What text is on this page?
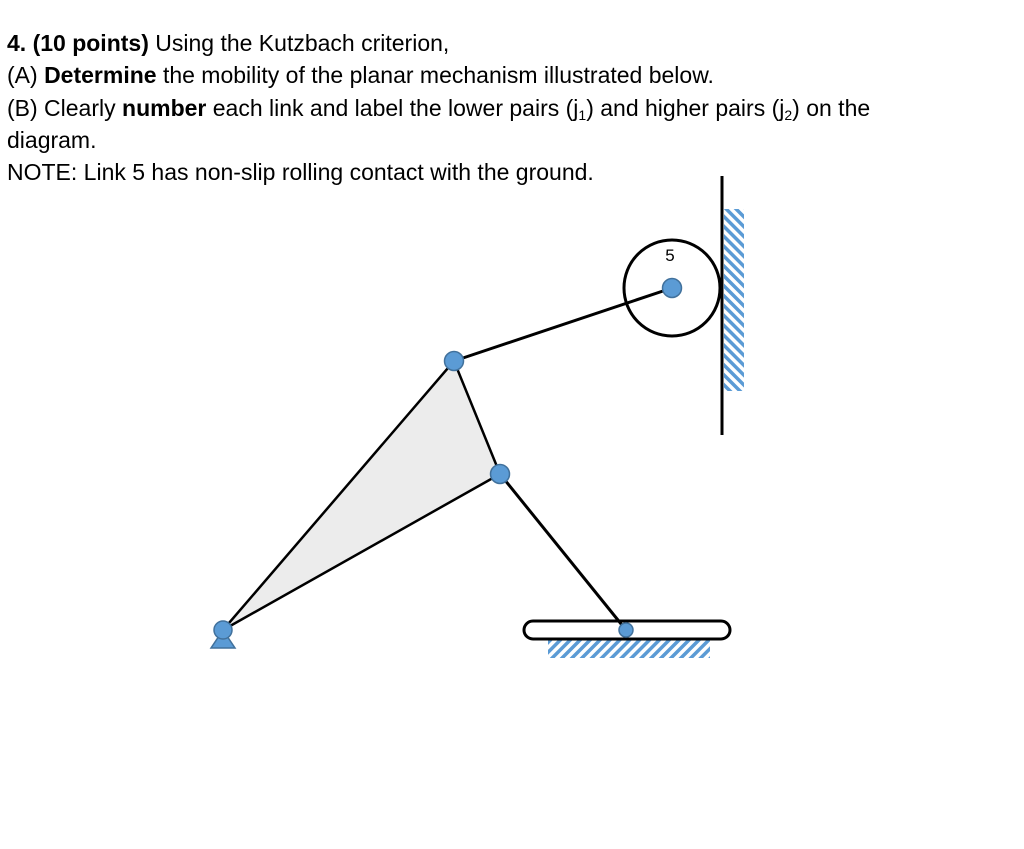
4. (10 points) Using the Kutzbach criterion,
(A) Determine the mobility of the planar mechanism illustrated below.
(B) Clearly number each link and label the lower pairs $(j_1)$ and higher pairs $(j_2)$ on the
diagram.
NOTE: Link 5 has non-slip rolling contact with the ground.
5
